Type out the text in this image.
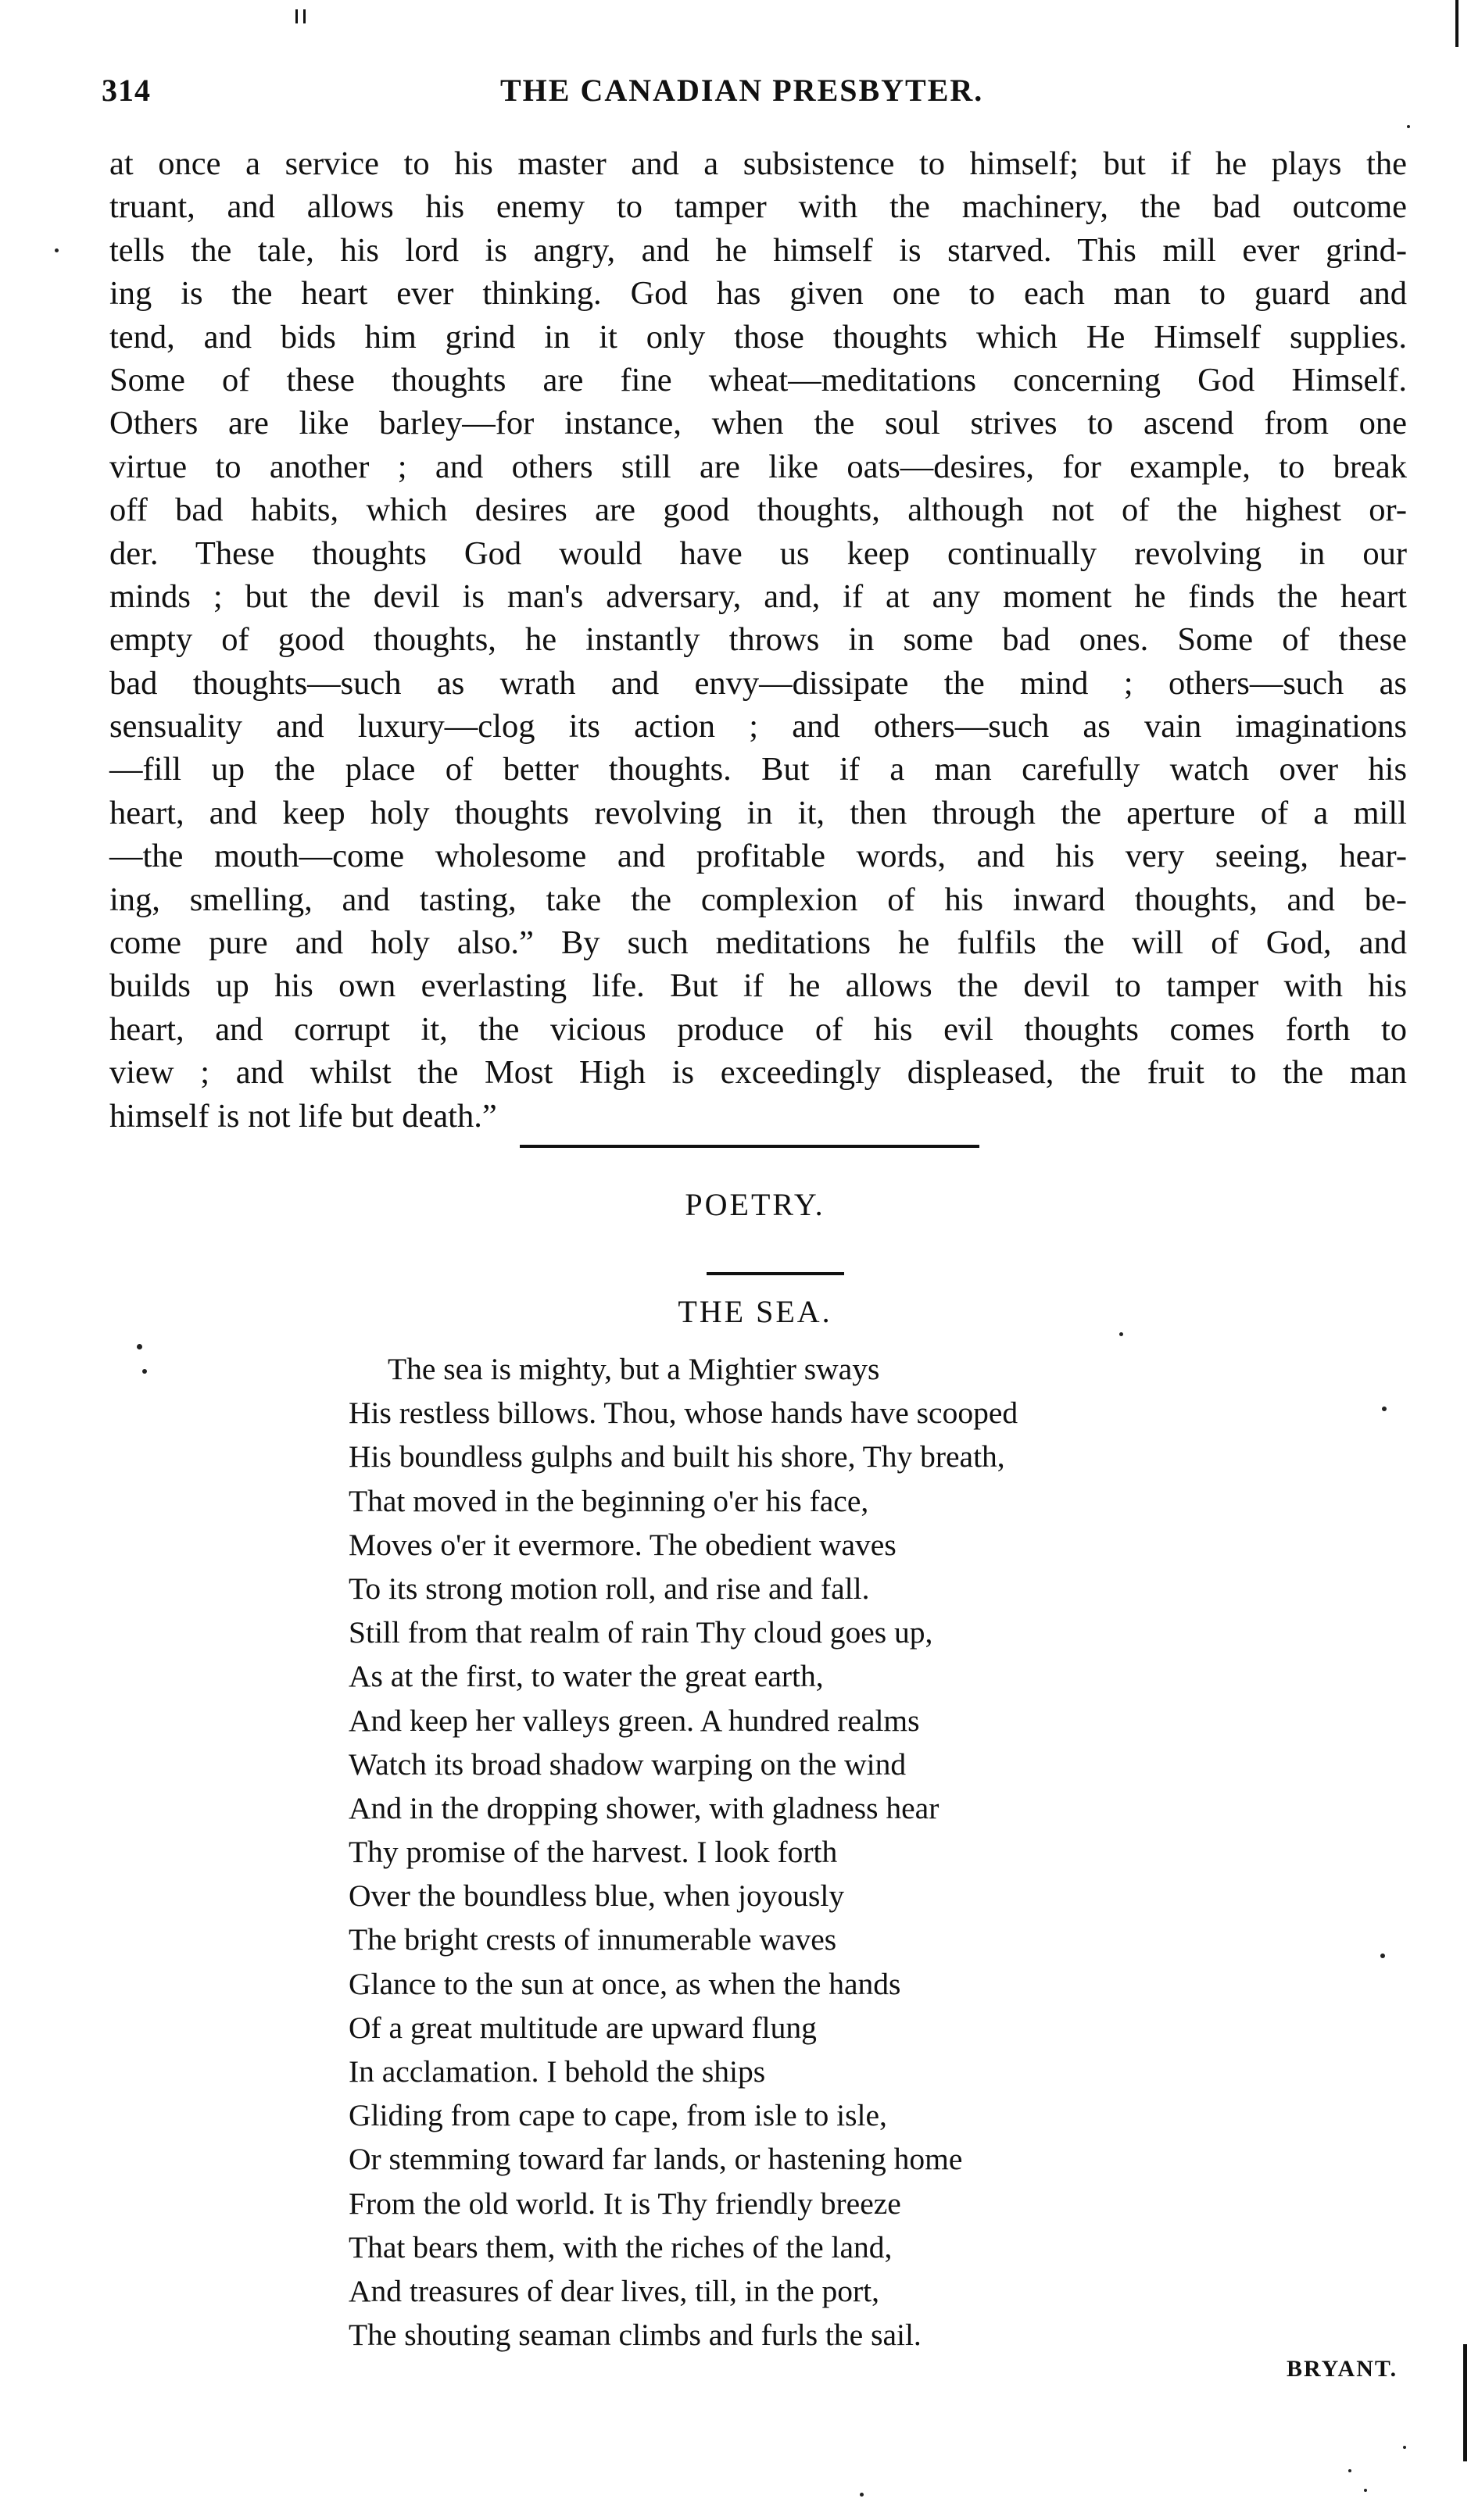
314	THE CANADIAN PRESBYTER.
at once a service to his master and a subsistence to himself; but if he plays the
truant, and allows his enemy to tamper with the machinery, the bad outcome
tells the tale, his lord is angry, and he himself is starved. This mill ever grind-
ing is the heart ever thinking. God has given one to each man to guard and
tend, and bids him grind in it only those thoughts which He Himself supplies.
Some of these thoughts are fine wheat—meditations concerning God Himself.
Others are like barley—for instance, when the soul strives to ascend from one
virtue to another ; and others still are like oats—desires, for example, to break
off bad habits, which desires are good thoughts, although not of the highest or-
der. These thoughts God would have us keep continually revolving in our
minds ; but the devil is man's adversary, and, if at any moment he finds the heart
empty of good thoughts, he instantly throws in some bad ones. Some of these
bad thoughts—such as wrath and envy—dissipate the mind ; others—such as
sensuality and luxury—clog its action ; and others—such as vain imaginations
—fill up the place of better thoughts. But if a man carefully watch over his
heart, and keep holy thoughts revolving in it, then through the aperture of a mill
—the mouth—come wholesome and profitable words, and his very seeing, hear-
ing, smelling, and tasting, take the complexion of his inward thoughts, and be-
come pure and holy also.” By such meditations he fulfils the will of God, and
builds up his own everlasting life. But if he allows the devil to tamper with his
heart, and corrupt it, the vicious produce of his evil thoughts comes forth to
view ; and whilst the Most High is exceedingly displeased, the fruit to the man
himself is not life but death.”
POETRY.
THE SEA.
The sea is mighty, but a Mightier sways
His restless billows. Thou, whose hands have scooped
His boundless gulphs and built his shore, Thy breath,
That moved in the beginning o'er his face,
Moves o'er it evermore. The obedient waves
To its strong motion roll, and rise and fall.
Still from that realm of rain Thy cloud goes up,
As at the first, to water the great earth,
And keep her valleys green. A hundred realms
Watch its broad shadow warping on the wind
And in the dropping shower, with gladness hear
Thy promise of the harvest. I look forth
Over the boundless blue, when joyously
The bright crests of innumerable waves
Glance to the sun at once, as when the hands
Of a great multitude are upward flung
In acclamation. I behold the ships
Gliding from cape to cape, from isle to isle,
Or stemming toward far lands, or hastening home
From the old world. It is Thy friendly breeze
That bears them, with the riches of the land,
And treasures of dear lives, till, in the port,
The shouting seaman climbs and furls the sail.
BRYANT.
